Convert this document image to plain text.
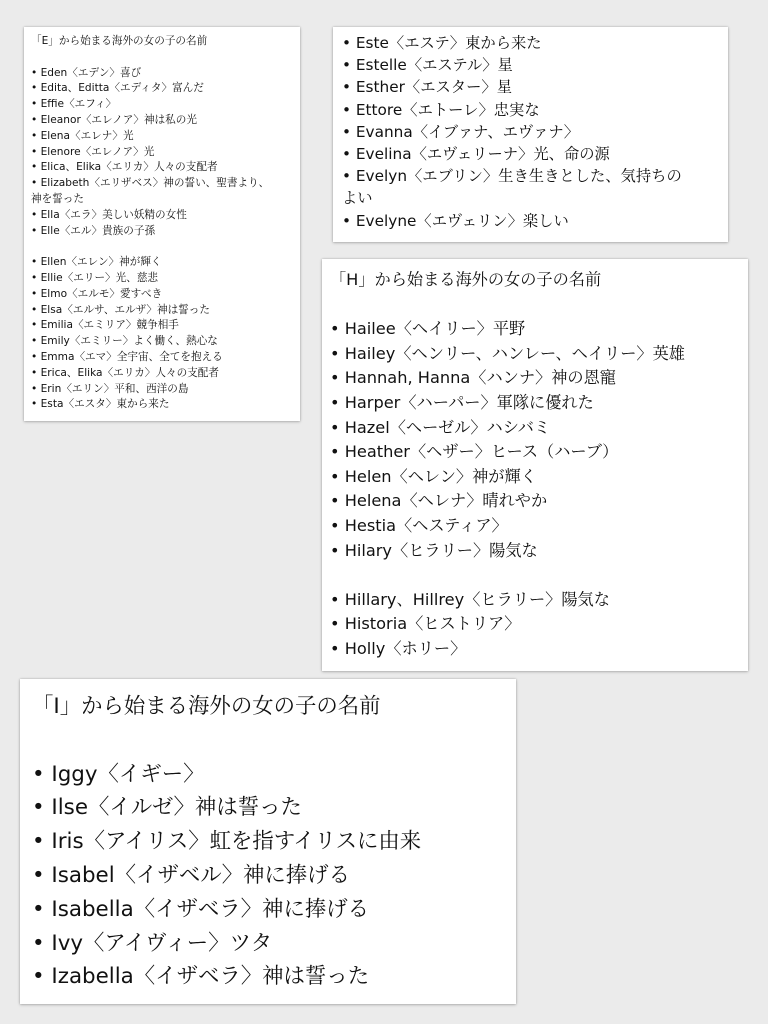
「E」から始まる海外の女の子の名前
• Eden〈エデン〉喜び
• Edita、Editta〈エディタ〉富んだ
• Effie〈エフィ〉
• Eleanor〈エレノア〉神は私の光
• Elena〈エレナ〉光
• Elenore〈エレノア〉光
• Elica、Elika〈エリカ〉人々の支配者
• Elizabeth〈エリザベス〉神の誓い、聖書より、
神を誓った
• Ella〈エラ〉美しい妖精の女性
• Elle〈エル〉貴族の子孫
• Ellen〈エレン〉神が輝く
• Ellie〈エリー〉光、慈悲
• Elmo〈エルモ〉愛すべき
• Elsa〈エルサ、エルザ〉神は誓った
• Emilia〈エミリア〉競争相手
• Emily〈エミリー〉よく働く、熱心な
• Emma〈エマ〉全宇宙、全てを抱える
• Erica、Elika〈エリカ〉人々の支配者
• Erin〈エリン〉平和、西洋の島
• Esta〈エスタ〉東から来た
• Este〈エステ〉東から来た
• Estelle〈エステル〉星
• Esther〈エスター〉星
• Ettore〈エトーレ〉忠実な
• Evanna〈イブァナ、エヴァナ〉
• Evelina〈エヴェリーナ〉光、命の源
• Evelyn〈エブリン〉生き生きとした、気持ちの
よい
• Evelyne〈エヴェリン〉楽しい
「H」から始まる海外の女の子の名前
• Hailee〈ヘイリー〉平野
• Hailey〈ヘンリー、ハンレー、ヘイリー〉英雄
• Hannah, Hanna〈ハンナ〉神の恩寵
• Harper〈ハーパー〉軍隊に優れた
• Hazel〈ヘーゼル〉ハシバミ
• Heather〈ヘザー〉ヒース（ハーブ）
• Helen〈ヘレン〉神が輝く
• Helena〈ヘレナ〉晴れやか
• Hestia〈ヘスティア〉
• Hilary〈ヒラリー〉陽気な
• Hillary、Hillrey〈ヒラリー〉陽気な
• Historia〈ヒストリア〉
• Holly〈ホリー〉
「I」から始まる海外の女の子の名前
• Iggy〈イギー〉
• Ilse〈イルゼ〉神は誓った
• Iris〈アイリス〉虹を指すイリスに由来
• Isabel〈イザベル〉神に捧げる
• Isabella〈イザベラ〉神に捧げる
• Ivy〈アイヴィー〉ツタ
• Izabella〈イザベラ〉神は誓った
